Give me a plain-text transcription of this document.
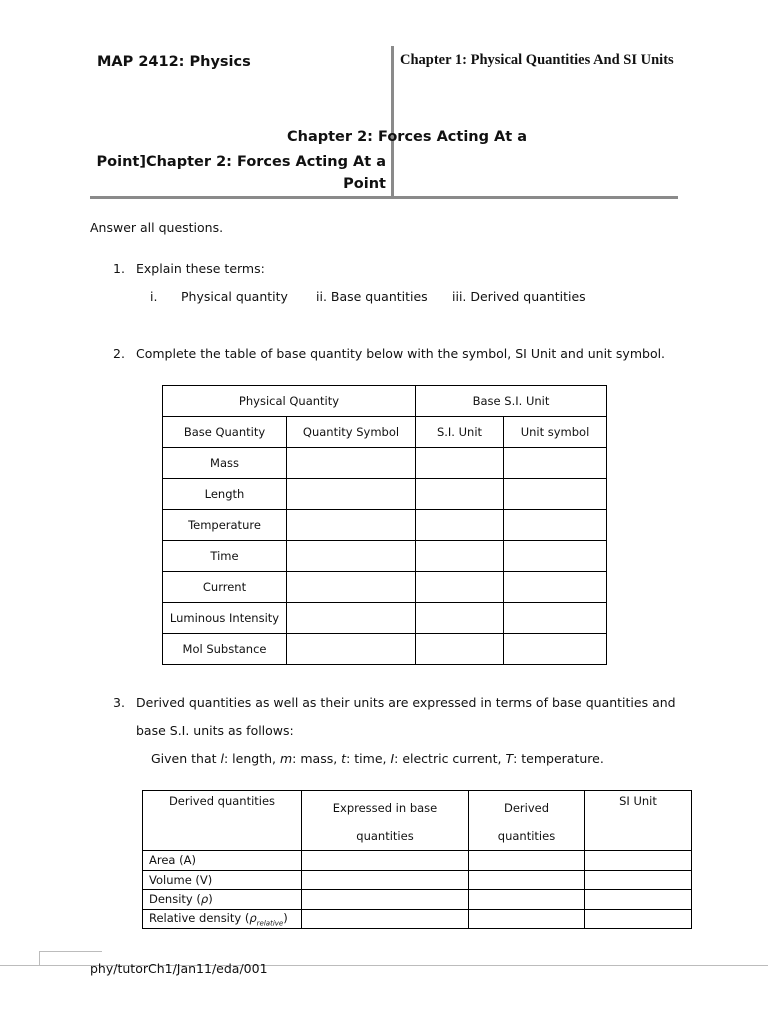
MAP 2412: Physics	Chapter 1: Physical Quantities And SI Units
Chapter 2: Forces Acting At a
Point]Chapter 2: Forces Acting At a
Point
Answer all questions.
1. Explain these terms:
i. Physical quantity ii. Base quantities iii. Derived quantities
2. Complete the table of base quantity below with the symbol, SI Unit and unit symbol.
Physical Quantity		Base S.I. Unit	
Base Quantity	Quantity Symbol	S.I. Unit	Unit symbol
Mass			
Length			
Temperature			
Time			
Current			
Luminous Intensity			
Mol Substance			
3. Derived quantities as well as their units are expressed in terms of base quantities and
base S.I. units as follows:
Given that l: length, m: mass, t: time, I: electric current, T: temperature.
Derived quantities	Expressed in base quantities	Derived quantities	SI Unit
Area (A)			
Volume (V)			
Density (ρ)			
Relative density $(\rho_{relative})$			
phy/tutorCh1/Jan11/eda/001
